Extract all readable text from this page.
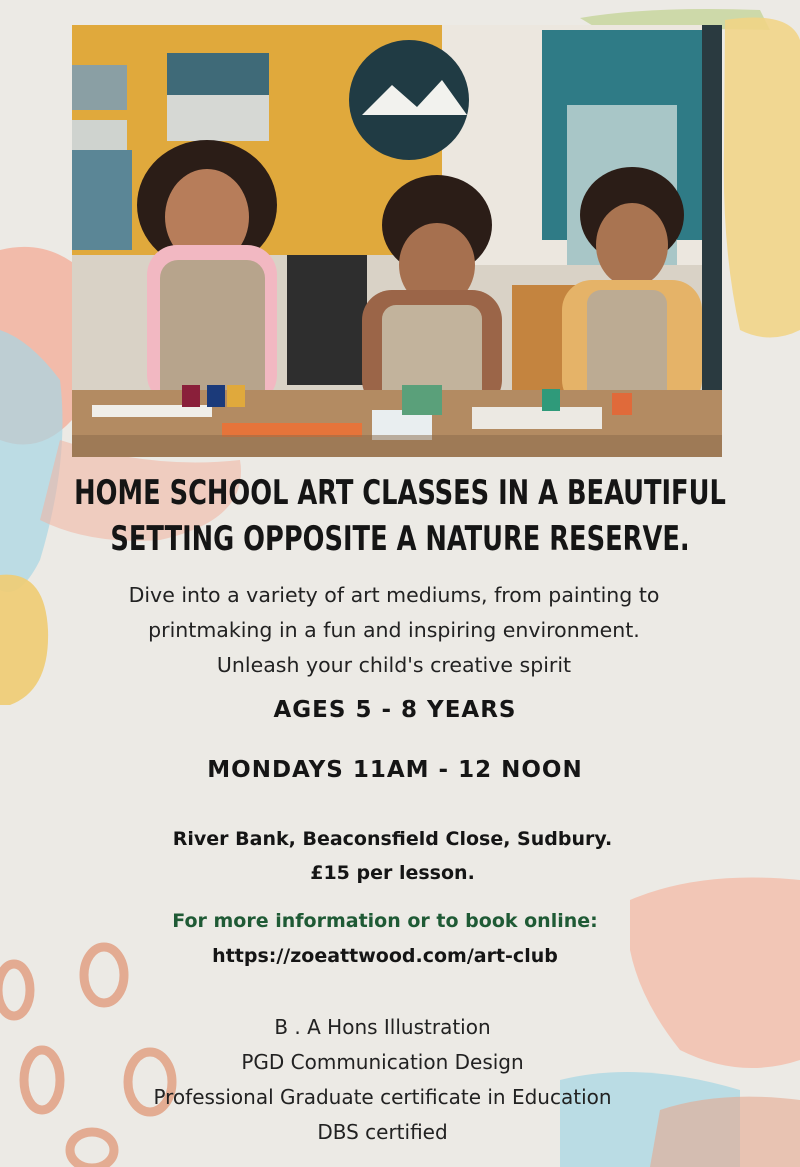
HOME SCHOOL ART CLASSES IN A BEAUTIFUL
SETTING OPPOSITE A NATURE RESERVE.
Dive into a variety of art mediums, from painting to
printmaking in a fun and inspiring environment.
Unleash your child's creative spirit
AGES 5 - 8 YEARS
MONDAYS 11AM - 12 NOON
River Bank, Beaconsfield Close, Sudbury.
£15 per lesson.
For more information or to book online:
https://zoeattwood.com/art-club
B . A Hons Illustration
PGD Communication Design
Professional Graduate certificate in Education
DBS certified
